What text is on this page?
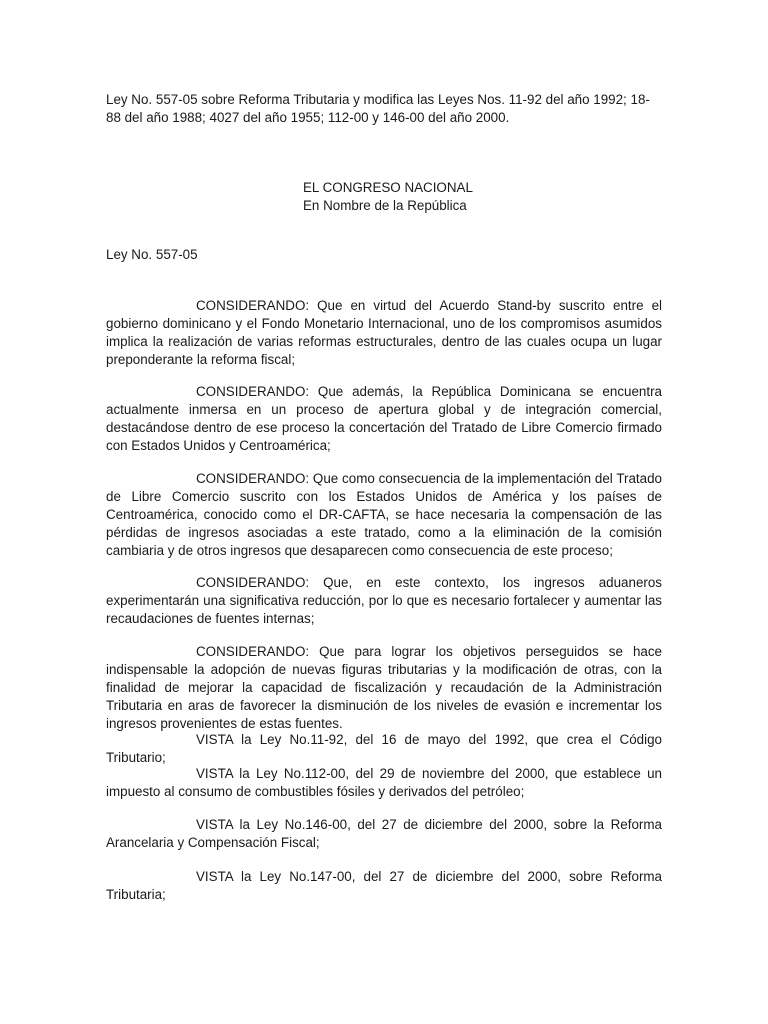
Ley No. 557-05 sobre Reforma Tributaria y modifica las Leyes Nos. 11-92 del año 1992; 18-88 del año 1988; 4027 del año 1955; 112-00 y 146-00 del año 2000.

EL CONGRESO NACIONAL
En Nombre de la República

Ley No. 557-05

CONSIDERANDO: Que en virtud del Acuerdo Stand-by suscrito entre el gobierno dominicano y el Fondo Monetario Internacional, uno de los compromisos asumidos implica la realización de varias reformas estructurales, dentro de las cuales ocupa un lugar preponderante la reforma fiscal;

CONSIDERANDO: Que además, la República Dominicana se encuentra actualmente inmersa en un proceso de apertura global y de integración comercial, destacándose dentro de ese proceso la concertación del Tratado de Libre Comercio firmado con Estados Unidos y Centroamérica;

CONSIDERANDO: Que como consecuencia de la implementación del Tratado de Libre Comercio suscrito con los Estados Unidos de América y los países de Centroamérica, conocido como el DR-CAFTA, se hace necesaria la compensación de las pérdidas de ingresos asociadas a este tratado, como a la eliminación de la comisión cambiaria y de otros ingresos que desaparecen como consecuencia de este proceso;

CONSIDERANDO: Que, en este contexto, los ingresos aduaneros experimentarán una significativa reducción, por lo que es necesario fortalecer y aumentar las recaudaciones de fuentes internas;

CONSIDERANDO: Que para lograr los objetivos perseguidos se hace indispensable la adopción de nuevas figuras tributarias y la modificación de otras, con la finalidad de mejorar la capacidad de fiscalización y recaudación de la Administración Tributaria en aras de favorecer la disminución de los niveles de evasión e incrementar los ingresos provenientes de estas fuentes.

VISTA la Ley No.11-92, del 16 de mayo del 1992, que crea el Código Tributario;

VISTA la Ley No.112-00, del 29 de noviembre del 2000, que establece un impuesto al consumo de combustibles fósiles y derivados del petróleo;

VISTA la Ley No.146-00, del 27 de diciembre del 2000, sobre la Reforma Arancelaria y Compensación Fiscal;

VISTA la Ley No.147-00, del 27 de diciembre del 2000, sobre Reforma Tributaria;
